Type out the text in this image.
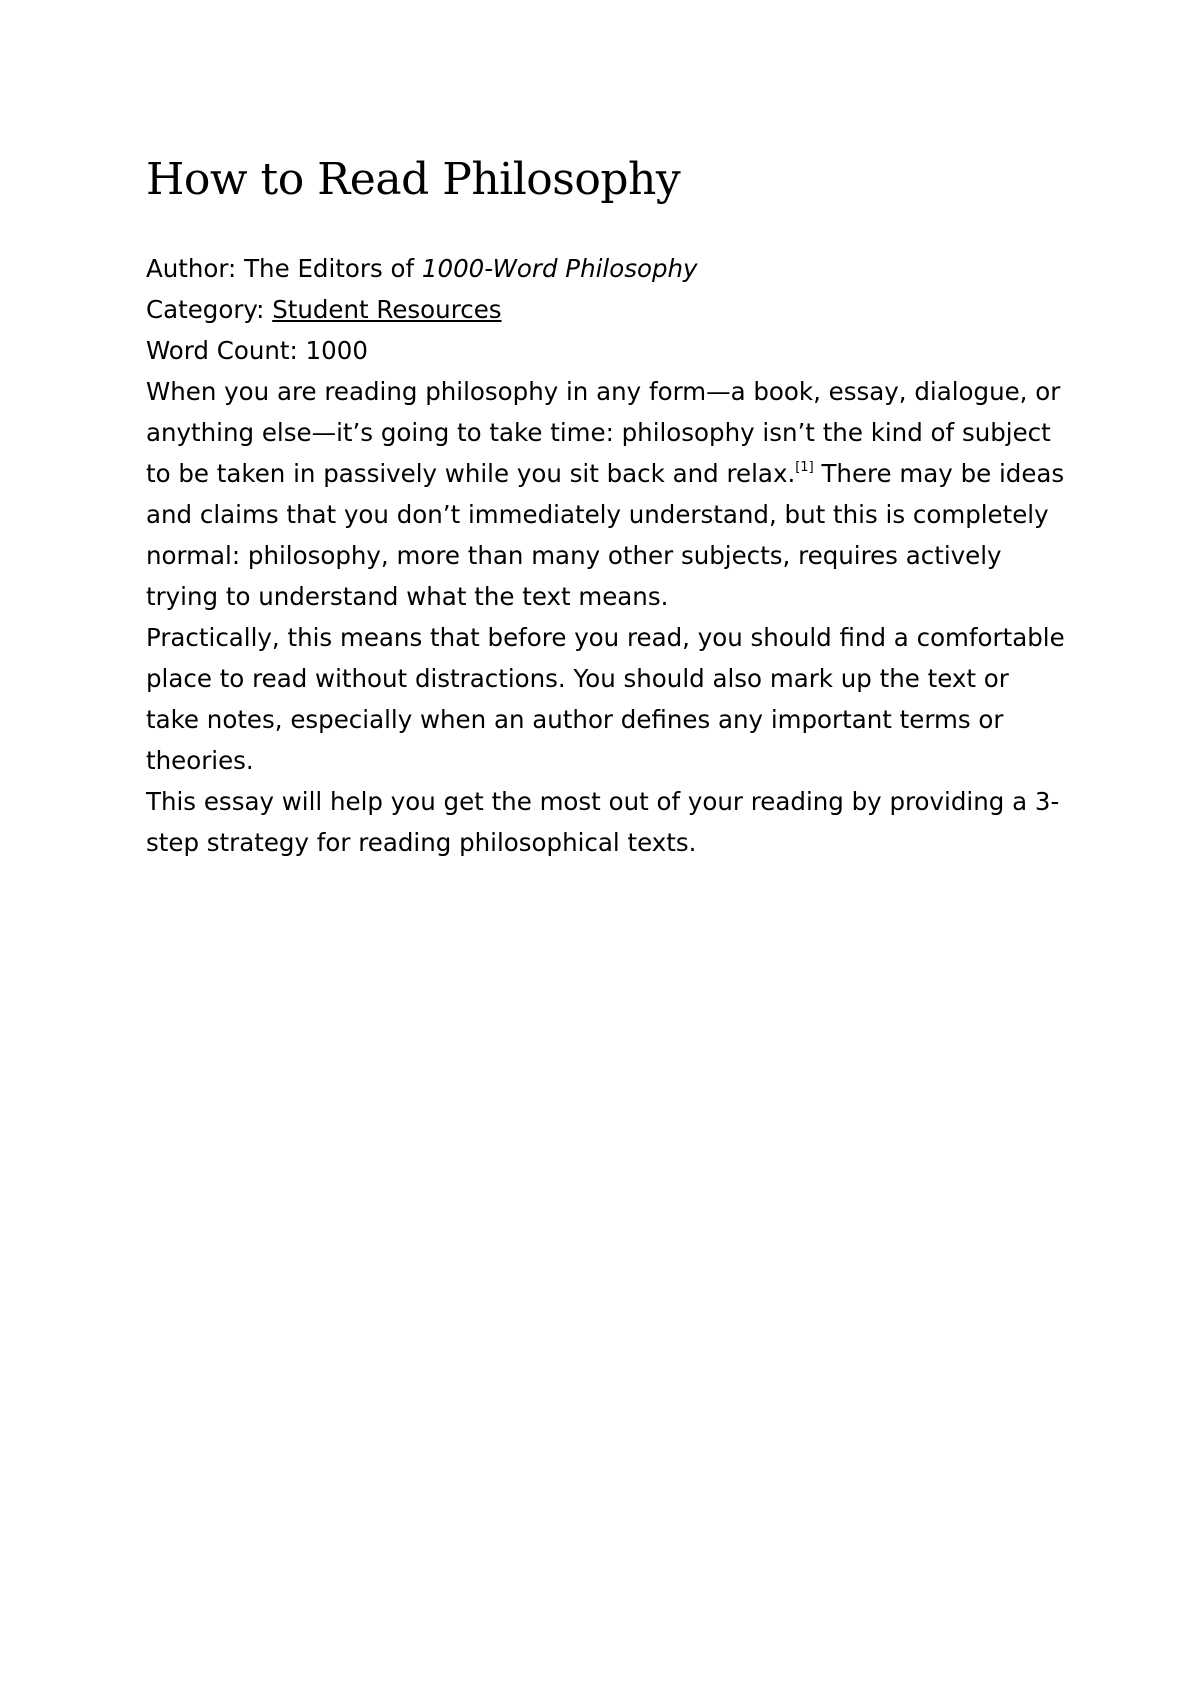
How to Read Philosophy

Author: The Editors of 1000-Word Philosophy

Category: Student Resources

Word Count: 1000

When you are reading philosophy in any form—a book, essay, dialogue, or anything else—it’s going to take time: philosophy isn’t the kind of subject to be taken in passively while you sit back and relax.[1] There may be ideas and claims that you don’t immediately understand, but this is completely normal: philosophy, more than many other subjects, requires actively trying to understand what the text means.

Practically, this means that before you read, you should find a comfortable place to read without distractions. You should also mark up the text or take notes, especially when an author defines any important terms or theories.

This essay will help you get the most out of your reading by providing a 3-step strategy for reading philosophical texts.
